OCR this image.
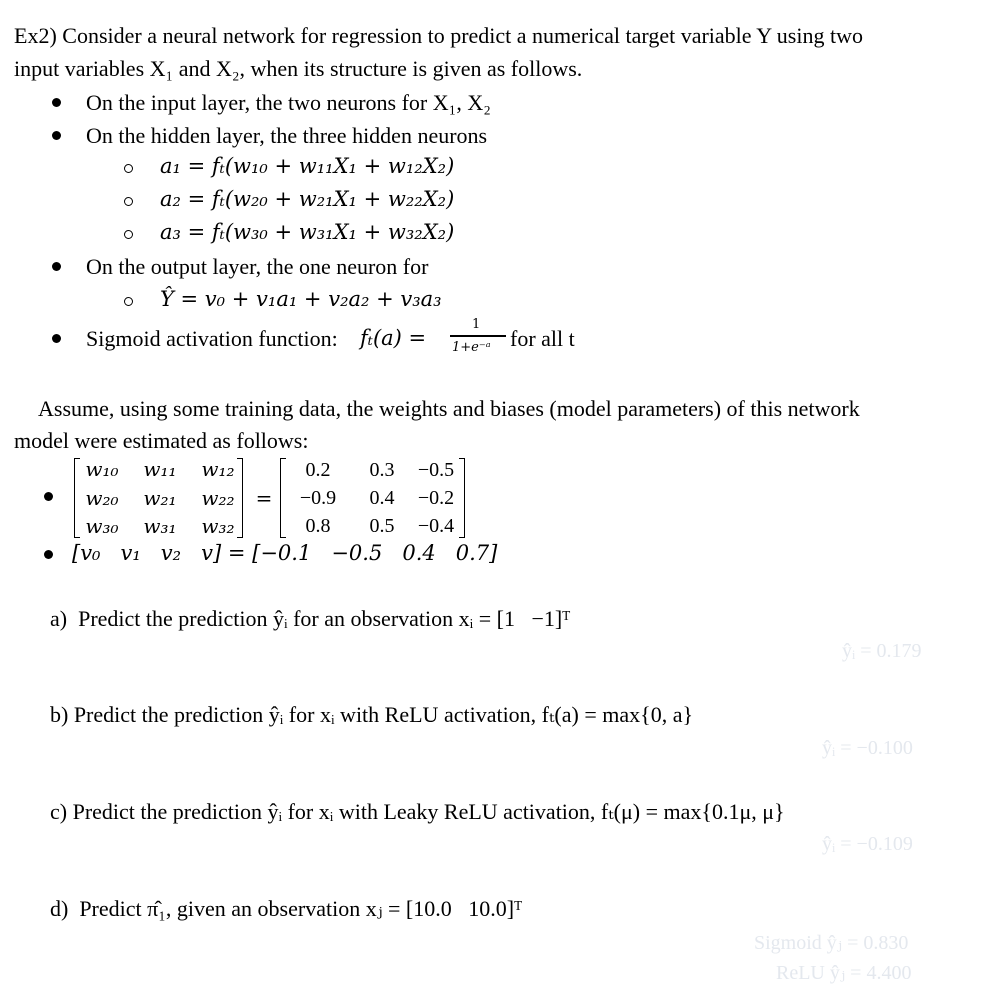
Ex2) Consider a neural network for regression to predict a numerical target variable Y using two
input variables X₁ and X₂, when its structure is given as follows.
On the input layer, the two neurons for X₁, X₂
On the hidden layer, the three hidden neurons
a₁ = fₜ(w₁₀ + w₁₁X₁ + w₁₂X₂)
a₂ = fₜ(w₂₀ + w₂₁X₁ + w₂₂X₂)
a₃ = fₜ(w₃₀ + w₃₁X₁ + w₃₂X₂)
On the output layer, the one neuron for
Ŷ = v₀ + v₁a₁ + v₂a₂ + v₃a₃
Sigmoid activation function: fₜ(a) =
1
1+e⁻ᵃ for all t
Assume, using some training data, the weights and biases (model parameters) of this network
model were estimated as follows:
w₁₀ w₁₁ w₁₂
w₂₀ w₂₁ w₂₂
w₃₀ w₃₁ w₃₂
=
0.2	0.3	−0.5
−0.9	0.4	−0.2
0.8	0.5	−0.4
[v₀   v₁   v₂   v] = [−0.1   −0.5   0.4   0.7]
a)  Predict the prediction ŷᵢ for an observation xᵢ = [1   −1]ᵀ
ŷᵢ = 0.179
b) Predict the prediction ŷᵢ for xᵢ with ReLU activation, fₜ(a) = max{0, a}
ŷᵢ = −0.100
c) Predict the prediction ŷᵢ for xᵢ with Leaky ReLU activation, fₜ(μ) = max{0.1μ, μ}
ŷᵢ = −0.109
d)  Predict π̂₁, given an observation xⱼ = [10.0   10.0]ᵀ
Sigmoid ŷⱼ = 0.830
ReLU ŷⱼ = 4.400
